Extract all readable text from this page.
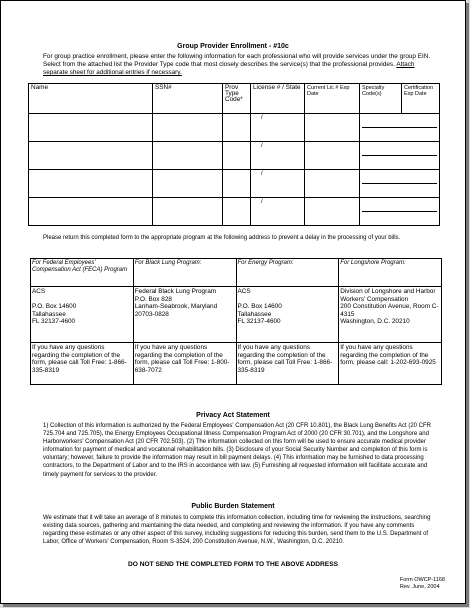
Group Provider Enrollment - #10c
For group practice enrollment, please enter the following information for each professional who will provide services under the group EIN. Select from the attached list the Provider Type code that most closely describes the service(s) that the professional provides. Attach separate sheet for additional entries if necessary.
Name	SSN#	Prov Type Code*	License # / State	Current Lic # Exp Date	Specialty Code(s)	Certification Exp Date
			/			

			/			

			/			

			/			
Please return this completed form to the appropriate program at the following address to prevent a delay in the processing of your bills.
For Federal Employees' Compensation Act (FECA) Program	For Black Lung Program:	For Energy Program:	For Longshore Program:

ACS
P.O. Box 14600
Tallahassee
FL 32137-4600	Federal Black Lung Program
P.O. Box 828
Lanham-Seabrook, Maryland 20703-0828	ACS
P.O. Box 14600
Tallahassee
FL 32137-4600	Division of Longshore and Harbor Workers' Compensation
200 Constitution Avenue, Room C-4315
Washington, D.C. 20210

If you have any questions regarding the completion of the form, please call Toll Free: 1-866-335-8319	If you have any questions regarding the completion of the form, please call Toll Free: 1-800-638-7072	If you have any questions regarding the completion of the form, please call Toll Free: 1-866-335-8319	If you have any questions regarding the completion of the form, please call: 1-202-693-0925
Privacy Act Statement
1) Collection of this information is authorized by the Federal Employees' Compensation Act (20 CFR 10.801), the Black Lung Benefits Act (20 CFR 725.704 and 725.705), the Energy Employees Occupational Illness Compensation Program Act of 2000 (20 CFR 30.701), and the Longshore and Harborworkers' Compensation Act (20 CFR 702.503). (2) The information collected on this form will be used to ensure accurate medical provider information for payment of medical and vocational rehabilitation bills. (3) Disclosure of your Social Security Number and completion of this form is voluntary; however, failure to provide the information may result in bill payment delays. (4) This information may be furnished to data processing contractors, to the Department of Labor and to the IRS in accordance with law. (5) Furnishing all requested information will facilitate accurate and timely payment for services to the provider.
Public Burden Statement
We estimate that it will take an average of 8 minutes to complete this information collection, including time for reviewing the instructions, searching existing data sources, gathering and maintaining the data needed, and completing and reviewing the information. If you have any comments regarding these estimates or any other aspect of this survey, including suggestions for reducing this burden, send them to the U.S. Department of Labor, Office of Workers' Compensation, Room S-3524, 200 Constitution Avenue, N.W., Washington, D.C. 20210.
DO NOT SEND THE COMPLETED FORM TO THE ABOVE ADDRESS
Form OWCP-1168
Rev. June, 2004
